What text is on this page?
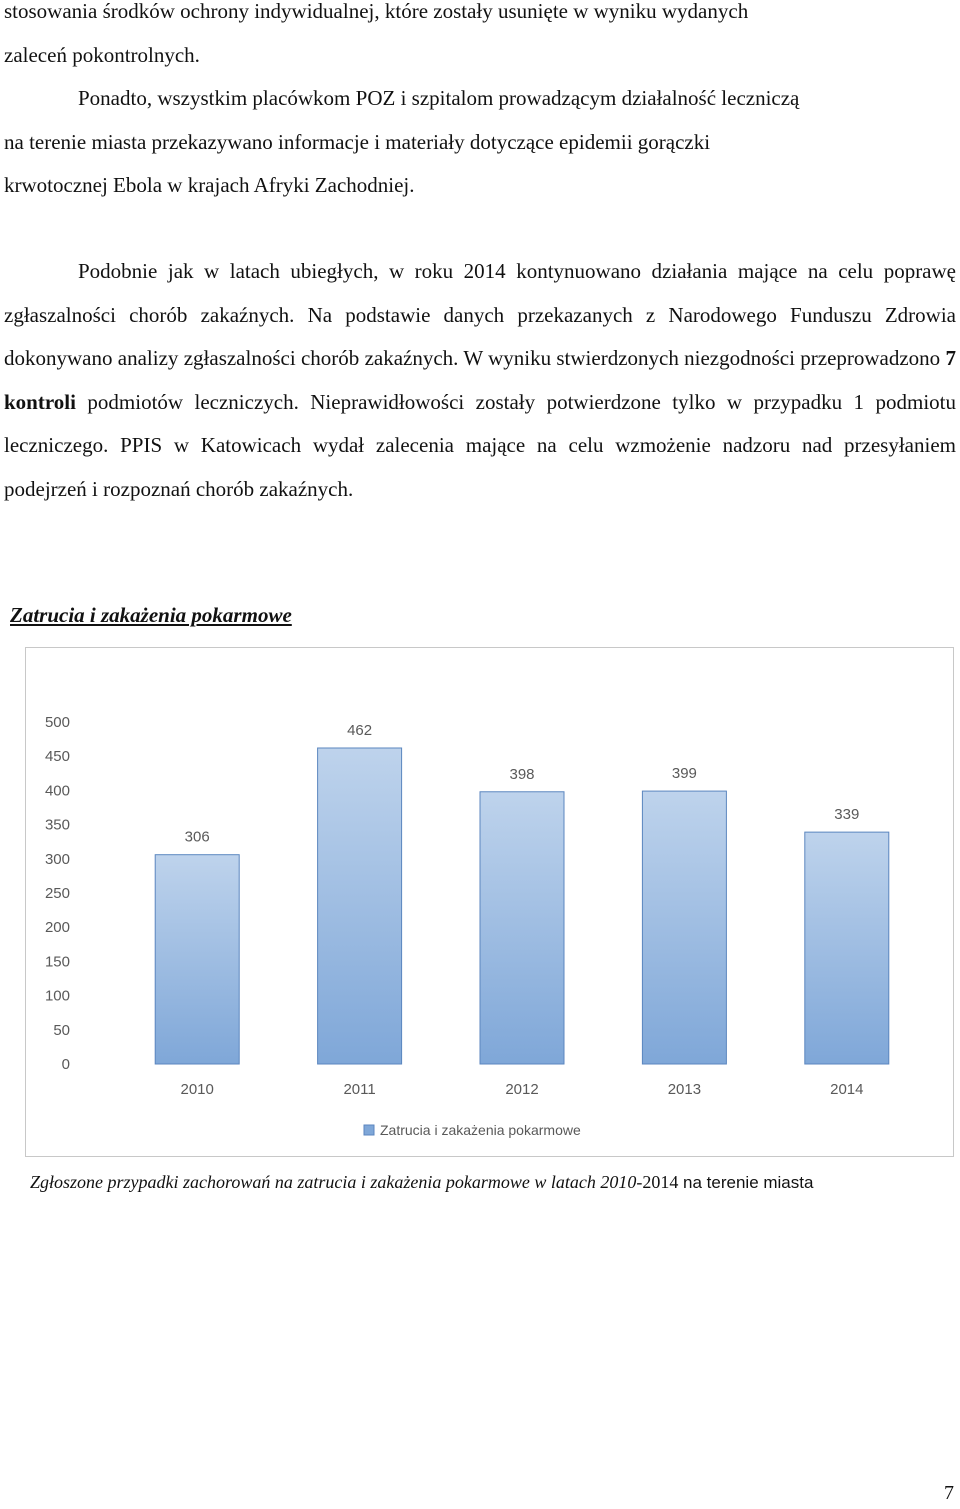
stosowania środków ochrony indywidualnej, które zostały usunięte w wyniku wydanych
zaleceń pokontrolnych.
Ponadto, wszystkim placówkom POZ i szpitalom prowadzącym działalność leczniczą
na terenie miasta przekazywano informacje i materiały dotyczące epidemii gorączki
krwotocznej Ebola w krajach Afryki Zachodniej.

Podobnie jak w latach ubiegłych, w roku 2014 kontynuowano działania mające na celu poprawę zgłaszalności chorób zakaźnych. Na podstawie danych przekazanych z Narodowego Funduszu Zdrowia dokonywano analizy zgłaszalności chorób zakaźnych. W wyniku stwierdzonych niezgodności przeprowadzono 7 kontroli podmiotów leczniczych. Nieprawidłowości zostały potwierdzone tylko w przypadku 1 podmiotu leczniczego. PPIS w Katowicach wydał zalecenia mające na celu wzmożenie nadzoru nad przesyłaniem podejrzeń i rozpoznań chorób zakaźnych.

Zatrucia i zakażenia pokarmowe
0
50
100
150
200
250
300
350
400
450
500
306
462
398	399
339
2010	2011	2012	2013	2014
Zatrucia i zakażenia pokarmowe

Zgłoszone przypadki zachorowań na zatrucia i zakażenia pokarmowe w latach 2010-2014 na terenie miasta

7
